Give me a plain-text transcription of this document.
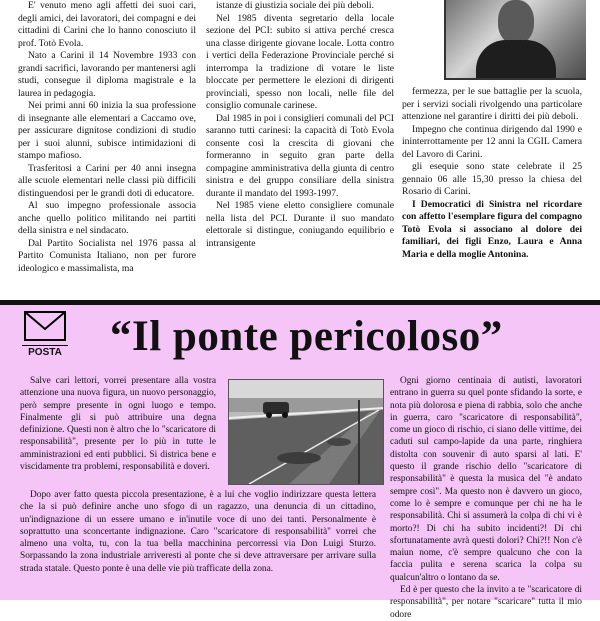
E' venuto meno agli affetti dei suoi cari, degli amici, dei lavoratori, dei compagni e dei cittadini di Carini che lo hanno conosciuto il prof. Totò Evola.

Nato a Carini il 14 Novembre 1933 con grandi sacrifici, lavorando per mantenersi agli studi, consegue il diploma magistrale e la laurea in pedagogia.

Nei primi anni 60 inizia la sua professione di insegnante alle elementari a Caccamo ove, per assicurare dignitose condizioni di studio per i suoi alunni, subisce intimidazioni di stampo mafioso.

Trasferitosi a Carini per 40 anni insegna alle scuole elementari nelle classi più difficili distinguendosi per le grandi doti di educatore.

Al suo impegno professionale associa anche quello politico militando nei partiti della sinistra e nel sindacato.

Dal Partito Socialista nel 1976 passa al Partito Comunista Italiano, non per furore ideologico e massimalista, ma

istanze di giustizia sociale dei più deboli.

Nel 1985 diventa segretario della locale sezione del PCI: subito si attiva perché cresca una classe dirigente giovane locale. Lotta contro i vertici della Federazione Provinciale perché si interrompa la tradizione di votare le liste bloccate per permettere le elezioni di dirigenti provinciali, spesso non locali, nelle file del consiglio comunale carinese.

Dal 1985 in poi i consiglieri comunali del PCI saranno tutti carinesi: la capacità di Totò Evola consente così la crescita di giovani che formeranno in seguito gran parte della compagine amministrativa della giunta di centro sinistra e del gruppo consiliare della sinistra durante il mandato del 1993-1997.

Nel 1985 viene eletto consigliere comunale nella lista del PCI. Durante il suo mandato elettorale si distingue, coniugando equilibrio e intransigente

fermezza, per le sue battaglie per la scuola, per i servizi sociali rivolgendo una particolare attenzione nel garantire i diritti dei più deboli.

Impegno che continua dirigendo dal 1990 e ininterrottamente per 12 anni la CGIL Camera del Lavoro di Carini.

gli esequie sono state celebrate il 25 gennaio 06 alle 15,30 presso la chiesa del Rosario di Carini.

I Democratici di Sinistra nel ricordare con affetto l'esemplare figura del compagno Totò Evola si associano al dolore dei familiari, dei figli Enzo, Laura e Anna Maria e della moglie Antonina.

POSTA “Il ponte pericoloso”

Salve cari lettori, vorrei presentare alla vostra attenzione una nuova figura, un nuovo personaggio, però sempre presente in ogni luogo e tempo. Finalmente gli si può attribuire una degna definizione. Questi non è altro che lo "scaricatore di responsabilità", presente per lo più in tutte le amministrazioni ed enti pubblici. Si districa bene e viscidamente tra problemi, responsabilità e doveri.

Dopo aver fatto questa piccola presentazione, è a lui che voglio indirizzare questa lettera che la si può definire anche uno sfogo di un ragazzo, una denuncia di un cittadino, un'indignazione di un essere umano e in'inutile voce di uno dei tanti. Personalmente è soprattutto una sconcertante indignazione. Caro "scaricatore di responsabilità" vorrei che almeno una volta, tu, con la tua bella macchinina percorressi via Don Luigi Sturzo. Sorpassando la zona industriale arriveresti al ponte che si deve attraversare per arrivare sulla strada statale. Questo ponte è una delle vie più trafficate della zona.

Ogni giorno centinaia di autisti, lavoratori entrano in guerra su quel ponte sfidando la sorte, e nota più dolorosa e piena di rabbia, solo che anche in guerra, caro "scaricatore di responsabilità", come un gioco di rischio, ci siano delle vittime, dei caduti sul campo-lapide da una parte, ringhiera distolta con souvenir di auto sparsi al lati. E' questo il grande rischio dello "scaricatore di responsabilità" è questa la musica del "è andato sempre così". Ma questo non è davvero un gioco, come lo è sempre e comunque per chi ne ha le responsabilità. Chi si assumerà la colpa di chi vi è morto?! Di chi ha subito incidenti?! Di chi sfortunatamente avrà questi dolori? Chi?!! Non c'è maiun nome, c'è sempre qualcuno che con la faccia pulita e serena scarica la colpa su qualcun'altro o lontano da se.

Ed è per questo che la invito a te "scaricatore di responsabilità", per notare "scaricare" tutta il mio odore
